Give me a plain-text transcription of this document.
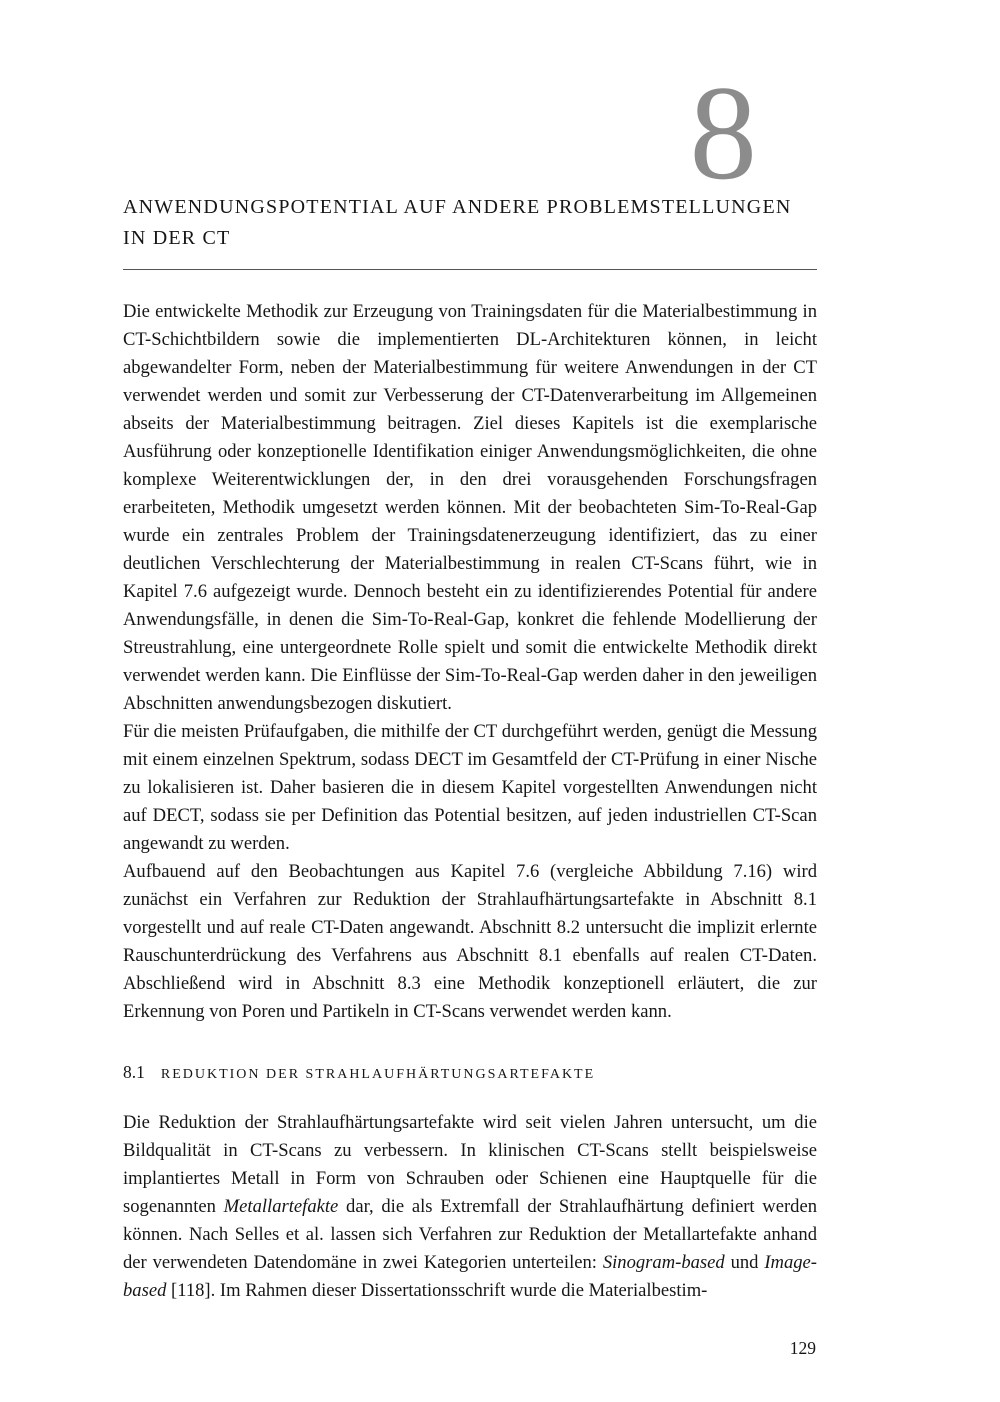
8
ANWENDUNGSPOTENTIAL AUF ANDERE PROBLEMSTELLUNGEN
IN DER CT

Die entwickelte Methodik zur Erzeugung von Trainingsdaten für die Materialbestimmung in CT-Schichtbildern sowie die implementierten DL-Architekturen können, in leicht abgewandelter Form, neben der Materialbestimmung für weitere Anwendungen in der CT verwendet werden und somit zur Verbesserung der CT-Datenverarbeitung im Allgemeinen abseits der Materialbestimmung beitragen. Ziel dieses Kapitels ist die exemplarische Ausführung oder konzeptionelle Identifikation einiger Anwendungsmöglichkeiten, die ohne komplexe Weiterentwicklungen der, in den drei vorausgehenden Forschungsfragen erarbeiteten, Methodik umgesetzt werden können. Mit der beobachteten Sim-To-Real-Gap wurde ein zentrales Problem der Trainingsdatenerzeugung identifiziert, das zu einer deutlichen Verschlechterung der Materialbestimmung in realen CT-Scans führt, wie in Kapitel 7.6 aufgezeigt wurde. Dennoch besteht ein zu identifizierendes Potential für andere Anwendungsfälle, in denen die Sim-To-Real-Gap, konkret die fehlende Modellierung der Streustrahlung, eine untergeordnete Rolle spielt und somit die entwickelte Methodik direkt verwendet werden kann. Die Einflüsse der Sim-To-Real-Gap werden daher in den jeweiligen Abschnitten anwendungsbezogen diskutiert.

Für die meisten Prüfaufgaben, die mithilfe der CT durchgeführt werden, genügt die Messung mit einem einzelnen Spektrum, sodass DECT im Gesamtfeld der CT-Prüfung in einer Nische zu lokalisieren ist. Daher basieren die in diesem Kapitel vorgestellten Anwendungen nicht auf DECT, sodass sie per Definition das Potential besitzen, auf jeden industriellen CT-Scan angewandt zu werden.

Aufbauend auf den Beobachtungen aus Kapitel 7.6 (vergleiche Abbildung 7.16) wird zunächst ein Verfahren zur Reduktion der Strahlaufhärtungsartefakte in Abschnitt 8.1 vorgestellt und auf reale CT-Daten angewandt. Abschnitt 8.2 untersucht die implizit erlernte Rauschunterdrückung des Verfahrens aus Abschnitt 8.1 ebenfalls auf realen CT-Daten. Abschließend wird in Abschnitt 8.3 eine Methodik konzeptionell erläutert, die zur Erkennung von Poren und Partikeln in CT-Scans verwendet werden kann.

8.1 REDUKTION DER STRAHLAUFHÄRTUNGSARTEFAKTE

Die Reduktion der Strahlaufhärtungsartefakte wird seit vielen Jahren untersucht, um die Bildqualität in CT-Scans zu verbessern. In klinischen CT-Scans stellt beispielsweise implantiertes Metall in Form von Schrauben oder Schienen eine Hauptquelle für die sogenannten Metallartefakte dar, die als Extremfall der Strahlaufhärtung definiert werden können. Nach Selles et al. lassen sich Verfahren zur Reduktion der Metallartefakte anhand der verwendeten Datendomäne in zwei Kategorien unterteilen: Sinogram-based und Image-based [118]. Im Rahmen dieser Dissertationsschrift wurde die Materialbestim-

129
